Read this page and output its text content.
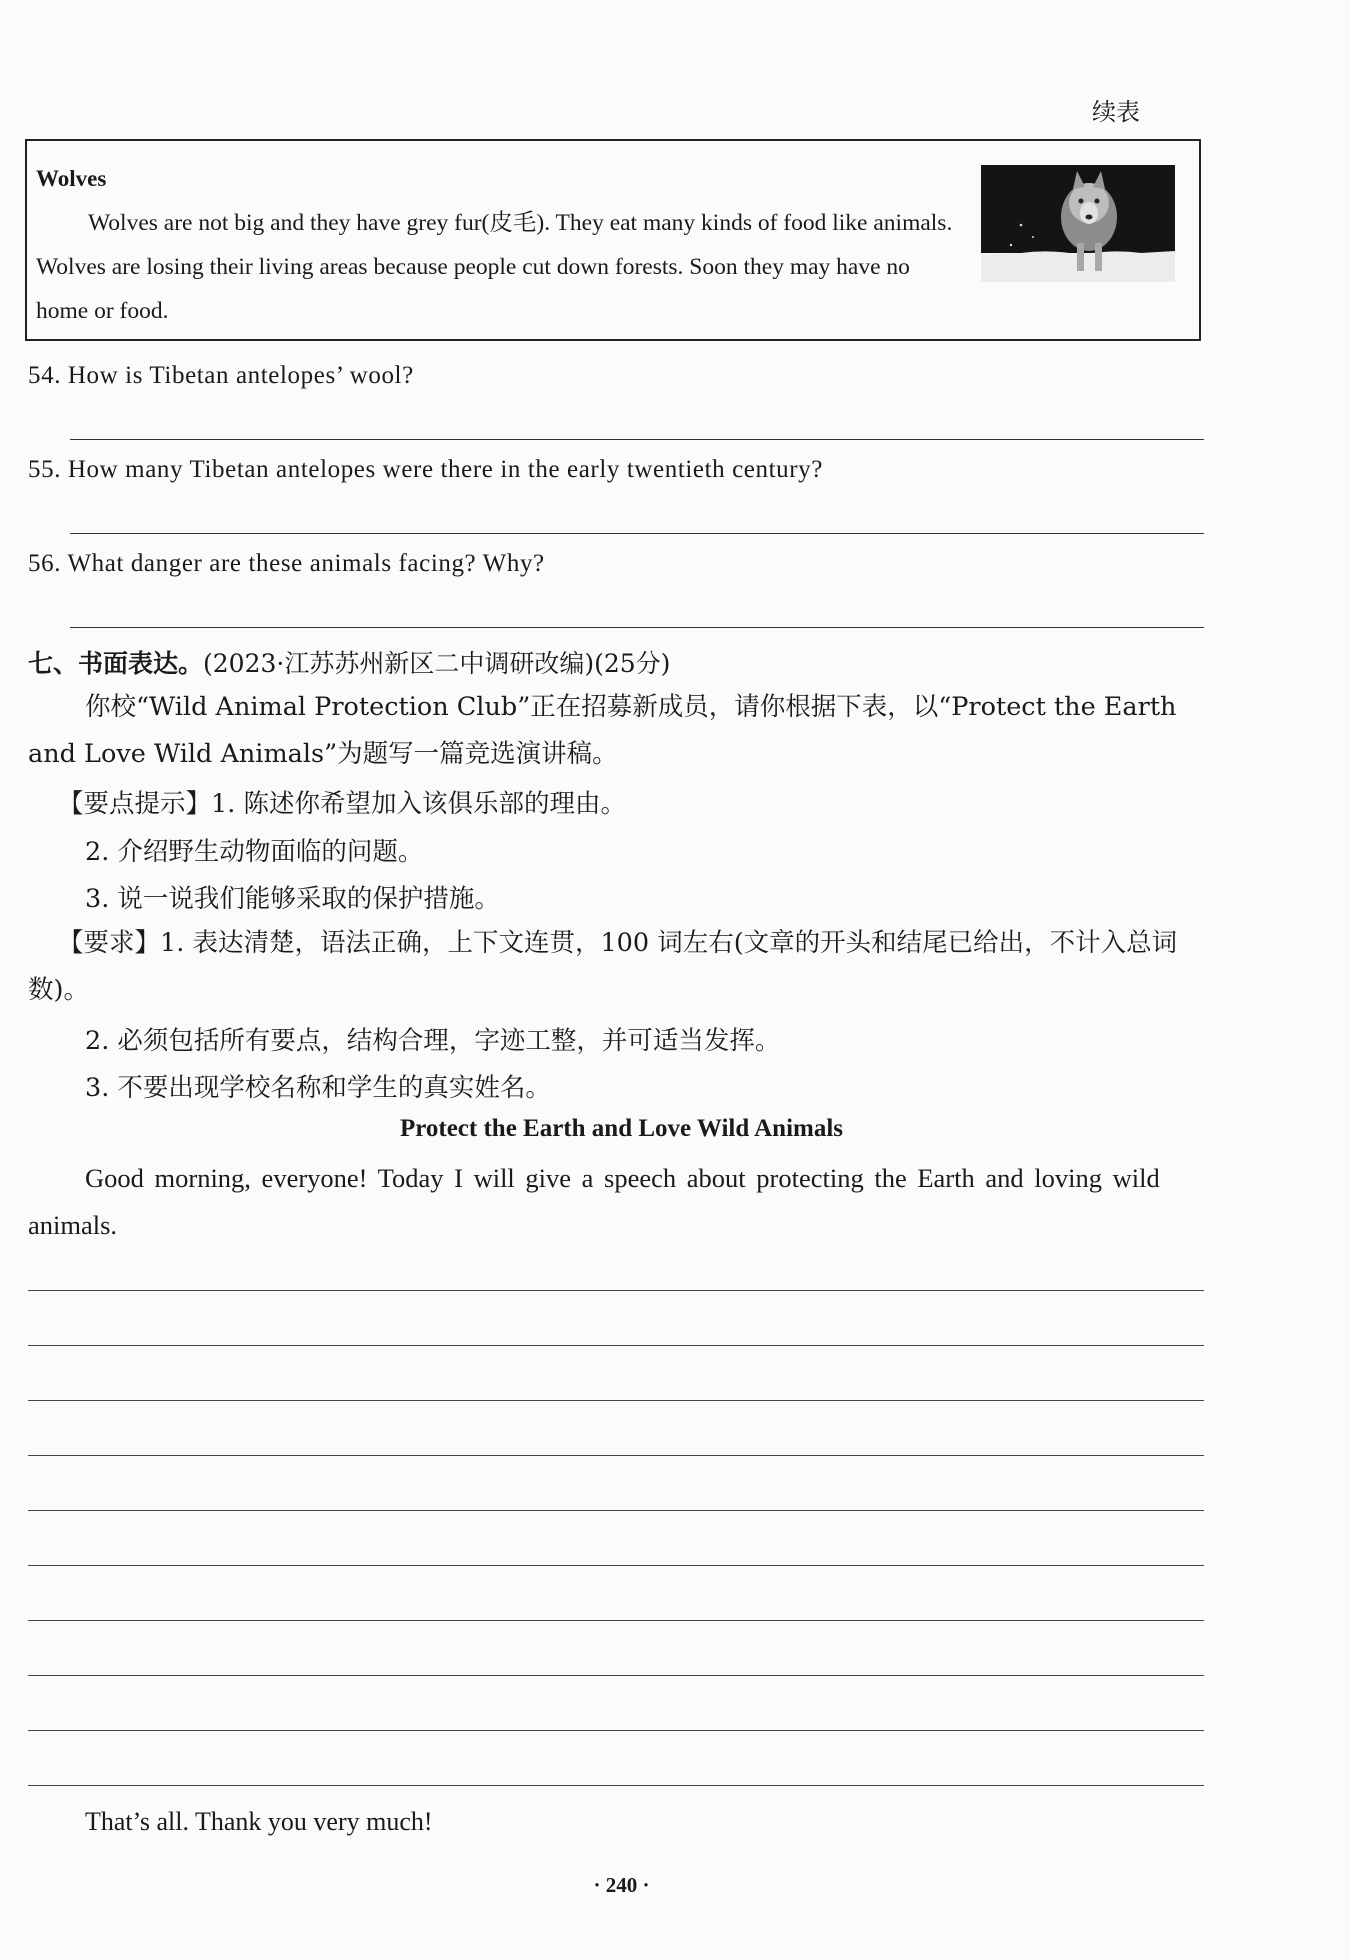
续表
Wolves
Wolves are not big and they have grey fur(皮毛). They eat many kinds of food like animals. Wolves are losing their living areas because people cut down forests. Soon they may have no home or food.
54. How is Tibetan antelopes’ wool?
55. How many Tibetan antelopes were there in the early twentieth century?
56. What danger are these animals facing? Why?
七、书面表达。(2023·江苏苏州新区二中调研改编)(25分)
你校“Wild Animal Protection Club”正在招募新成员，请你根据下表，以“Protect the Earth and Love Wild Animals”为题写一篇竞选演讲稿。
【要点提示】1. 陈述你希望加入该俱乐部的理由。
2. 介绍野生动物面临的问题。
3. 说一说我们能够采取的保护措施。
【要求】1. 表达清楚，语法正确，上下文连贯，100 词左右(文章的开头和结尾已给出，不计入总词数)。
2. 必须包括所有要点，结构合理，字迹工整，并可适当发挥。
3. 不要出现学校名称和学生的真实姓名。
Protect the Earth and Love Wild Animals
Good morning, everyone! Today I will give a speech about protecting the Earth and loving wild animals.
That’s all. Thank you very much!
· 240 ·
